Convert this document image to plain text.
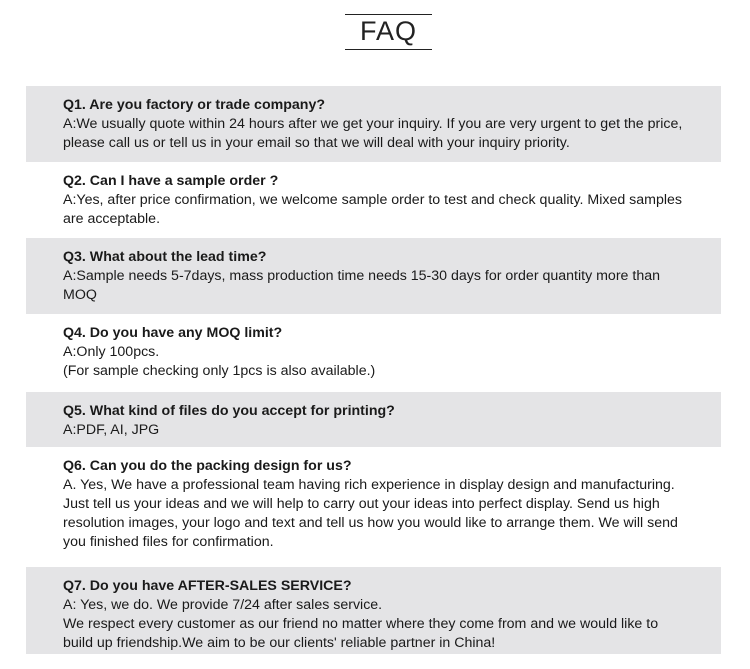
FAQ
Q1. Are you factory or trade company?
A:We usually quote within 24 hours after we get your inquiry. If you are very urgent to get the price,
please call us or tell us in your email so that we will deal with your inquiry priority.
Q2. Can I have a sample order ?
A:Yes, after price confirmation, we welcome sample order to test and check quality. Mixed samples
are acceptable.
Q3. What about the lead time?
A:Sample needs 5-7days, mass production time needs 15-30 days for order quantity more than
MOQ
Q4. Do you have any MOQ limit?
A:Only 100pcs.
(For sample checking only 1pcs is also available.)
Q5. What kind of files do you accept for printing?
A:PDF, AI, JPG
Q6. Can you do the packing design for us?
A. Yes, We have a professional team having rich experience in display design and manufacturing.
Just tell us your ideas and we will help to carry out your ideas into perfect display. Send us high
resolution images, your logo and text and tell us how you would like to arrange them. We will send
you finished files for confirmation.
Q7. Do you have AFTER-SALES SERVICE?
A: Yes, we do. We provide 7/24 after sales service.
We respect every customer as our friend no matter where they come from and we would like to
build up friendship.We aim to be our clients' reliable partner in China!
